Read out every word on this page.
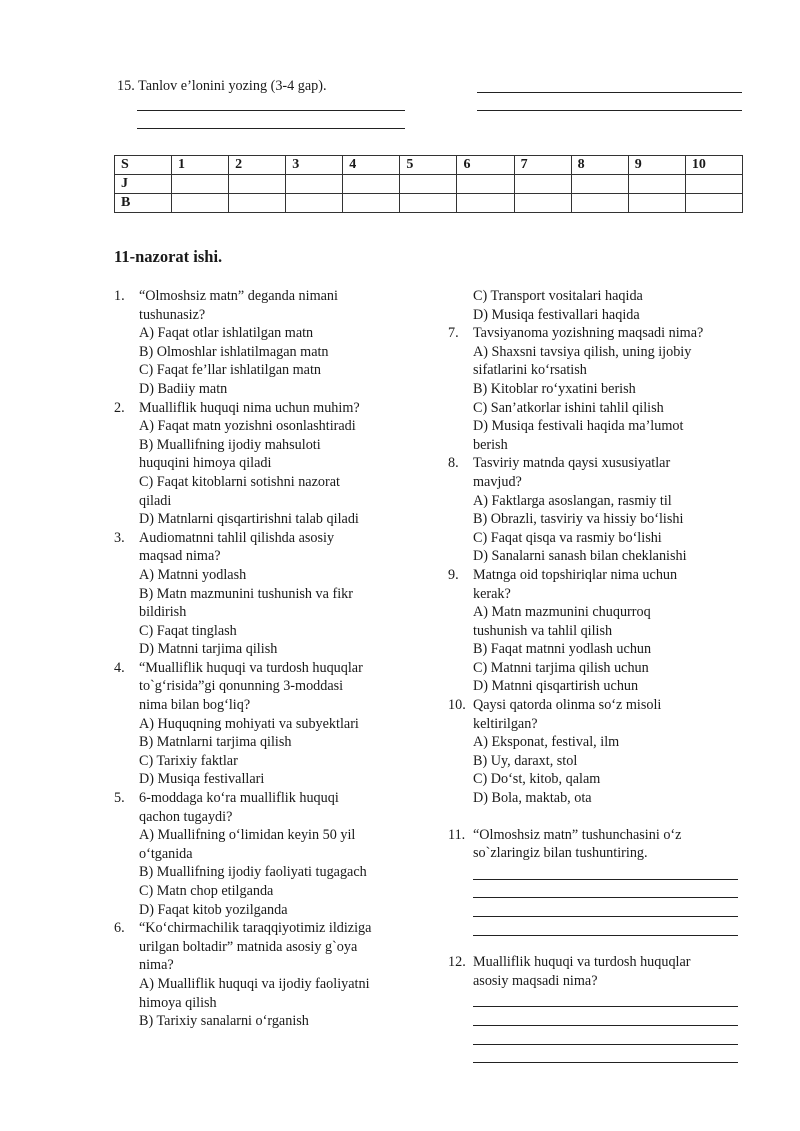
15. Tanlov e’lonini yozing (3-4 gap).
S	1	2	3	4	5	6	7	8	9	10
J										
B										
11-nazorat ishi.
1. “Olmoshsiz matn” deganda nimani
tushunasiz?
A) Faqat otlar ishlatilgan matn
B) Olmoshlar ishlatilmagan matn
C) Faqat fe’llar ishlatilgan matn
D) Badiiy matn
2. Mualliflik huquqi nima uchun muhim?
A) Faqat matn yozishni osonlashtiradi
B) Muallifning ijodiy mahsuloti
huquqini himoya qiladi
C) Faqat kitoblarni sotishni nazorat
qiladi
D) Matnlarni qisqartirishni talab qiladi
3. Audiomatnni tahlil qilishda asosiy
maqsad nima?
A) Matnni yodlash
B) Matn mazmunini tushunish va fikr
bildirish
C) Faqat tinglash
D) Matnni tarjima qilish
4. “Mualliflik huquqi va turdosh huquqlar
to`g‘risida”gi qonunning 3-moddasi
nima bilan bog‘liq?
A) Huquqning mohiyati va subyektlari
B) Matnlarni tarjima qilish
C) Tarixiy faktlar
D) Musiqa festivallari
5. 6-moddaga ko‘ra mualliflik huquqi
qachon tugaydi?
A) Muallifning o‘limidan keyin 50 yil
o‘tganida
B) Muallifning ijodiy faoliyati tugagach
C) Matn chop etilganda
D) Faqat kitob yozilganda
6. “Ko‘chirmachilik taraqqiyotimiz ildiziga
urilgan boltadir” matnida asosiy g`oya
nima?
A) Mualliflik huquqi va ijodiy faoliyatni
himoya qilish
B) Tarixiy sanalarni o‘rganish
C) Transport vositalari haqida
D) Musiqa festivallari haqida
7. Tavsiyanoma yozishning maqsadi nima?
A) Shaxsni tavsiya qilish, uning ijobiy
sifatlarini ko‘rsatish
B) Kitoblar ro‘yxatini berish
C) San’atkorlar ishini tahlil qilish
D) Musiqa festivali haqida ma’lumot
berish
8. Tasviriy matnda qaysi xususiyatlar
mavjud?
A) Faktlarga asoslangan, rasmiy til
B) Obrazli, tasviriy va hissiy bo‘lishi
C) Faqat qisqa va rasmiy bo‘lishi
D) Sanalarni sanash bilan cheklanishi
9. Matnga oid topshiriqlar nima uchun
kerak?
A) Matn mazmunini chuqurroq
tushunish va tahlil qilish
B) Faqat matnni yodlash uchun
C) Matnni tarjima qilish uchun
D) Matnni qisqartirish uchun
10. Qaysi qatorda olinma so‘z misoli
keltirilgan?
A) Eksponat, festival, ilm
B) Uy, daraxt, stol
C) Do‘st, kitob, qalam
D) Bola, maktab, ota
11. “Olmoshsiz matn” tushunchasini o‘z
so`zlaringiz bilan tushuntiring.
12. Mualliflik huquqi va turdosh huquqlar
asosiy maqsadi nima?
